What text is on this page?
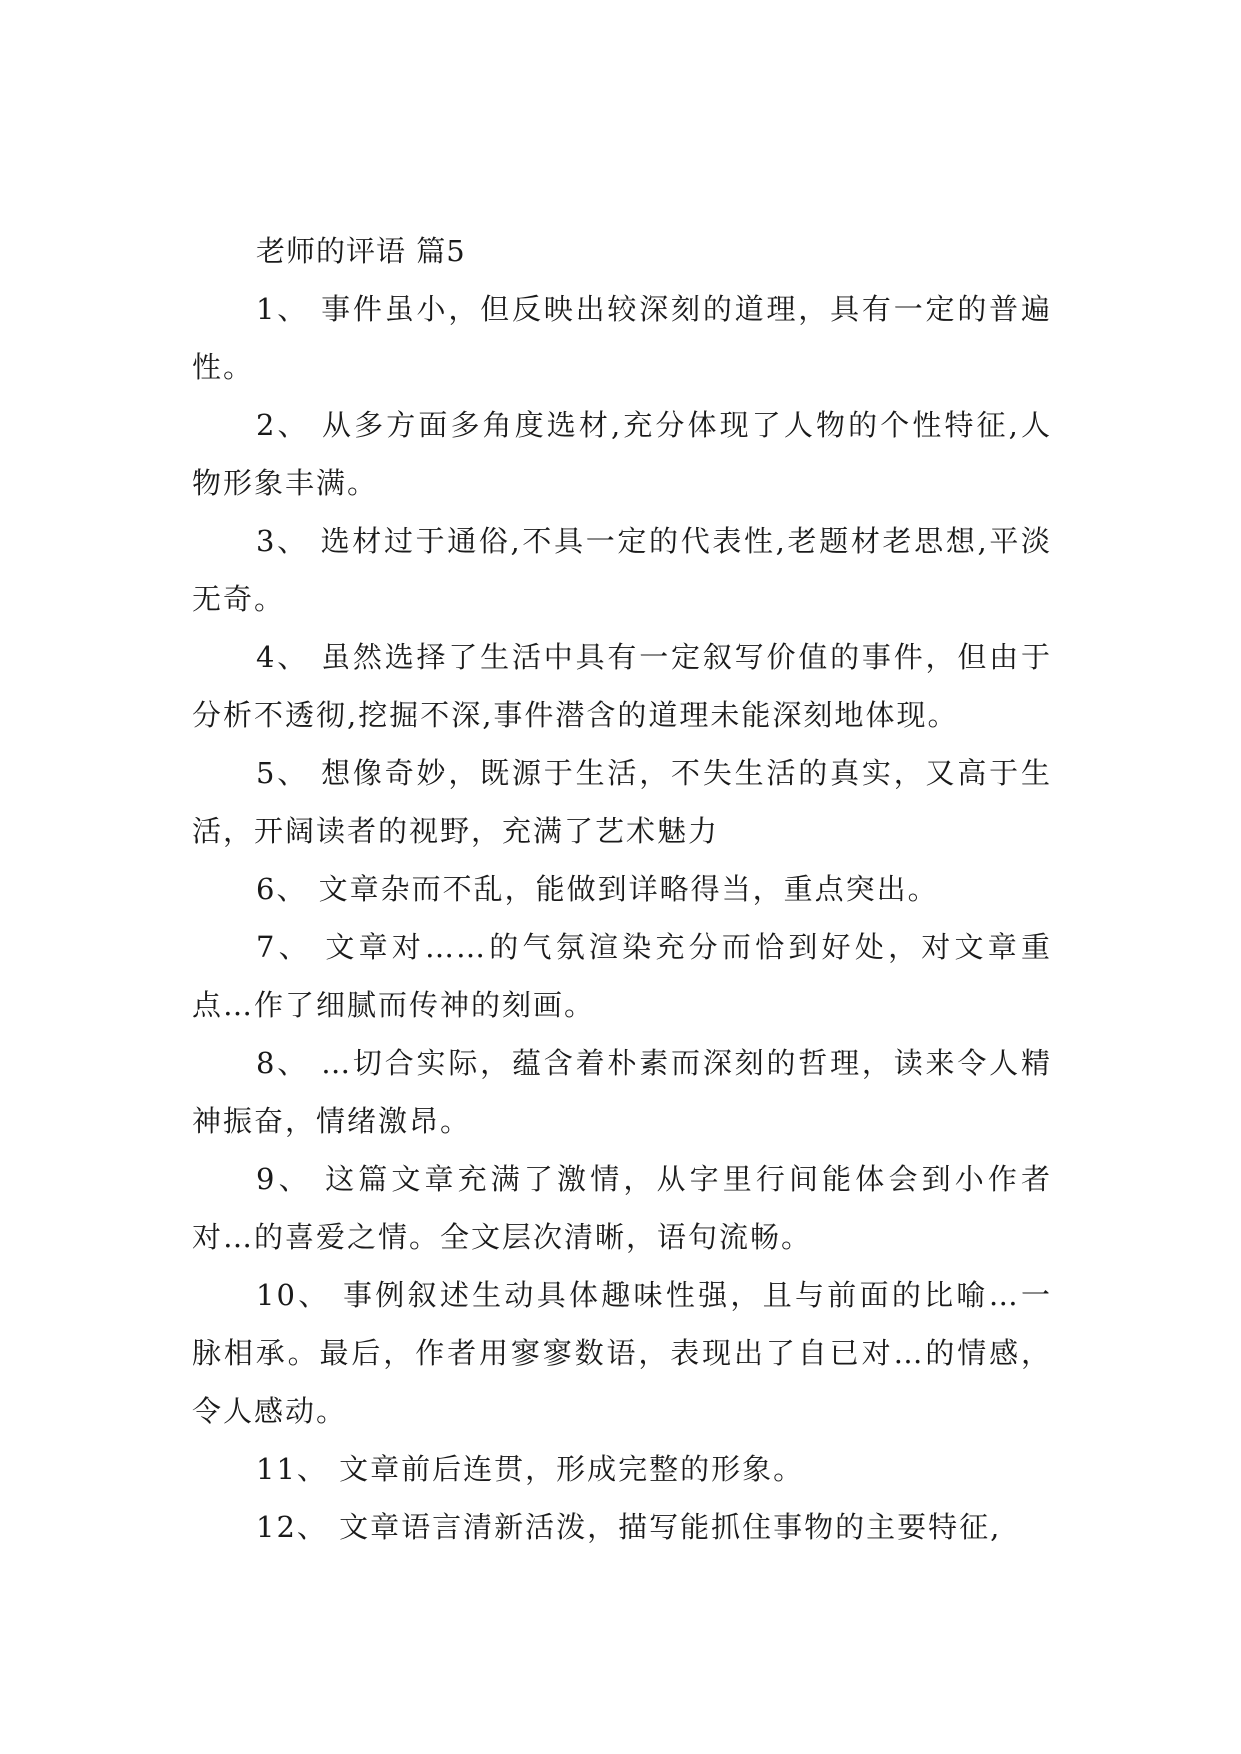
老师的评语 篇5

1、 事件虽小，但反映出较深刻的道理，具有一定的普遍性。

2、 从多方面多角度选材,充分体现了人物的个性特征,人物形象丰满。

3、 选材过于通俗,不具一定的代表性,老题材老思想,平淡无奇。

4、 虽然选择了生活中具有一定叙写价值的事件，但由于分析不透彻,挖掘不深,事件潜含的道理未能深刻地体现。

5、 想像奇妙，既源于生活，不失生活的真实，又高于生活，开阔读者的视野，充满了艺术魅力

6、 文章杂而不乱，能做到详略得当，重点突出。

7、 文章对……的气氛渲染充分而恰到好处，对文章重点…作了细腻而传神的刻画。

8、 …切合实际，蕴含着朴素而深刻的哲理，读来令人精神振奋，情绪激昂。

9、 这篇文章充满了激情，从字里行间能体会到小作者对…的喜爱之情。全文层次清晰，语句流畅。

10、 事例叙述生动具体趣味性强，且与前面的比喻…一脉相承。最后，作者用寥寥数语，表现出了自已对…的情感，令人感动。

11、 文章前后连贯，形成完整的形象。

12、 文章语言清新活泼，描写能抓住事物的主要特征,
